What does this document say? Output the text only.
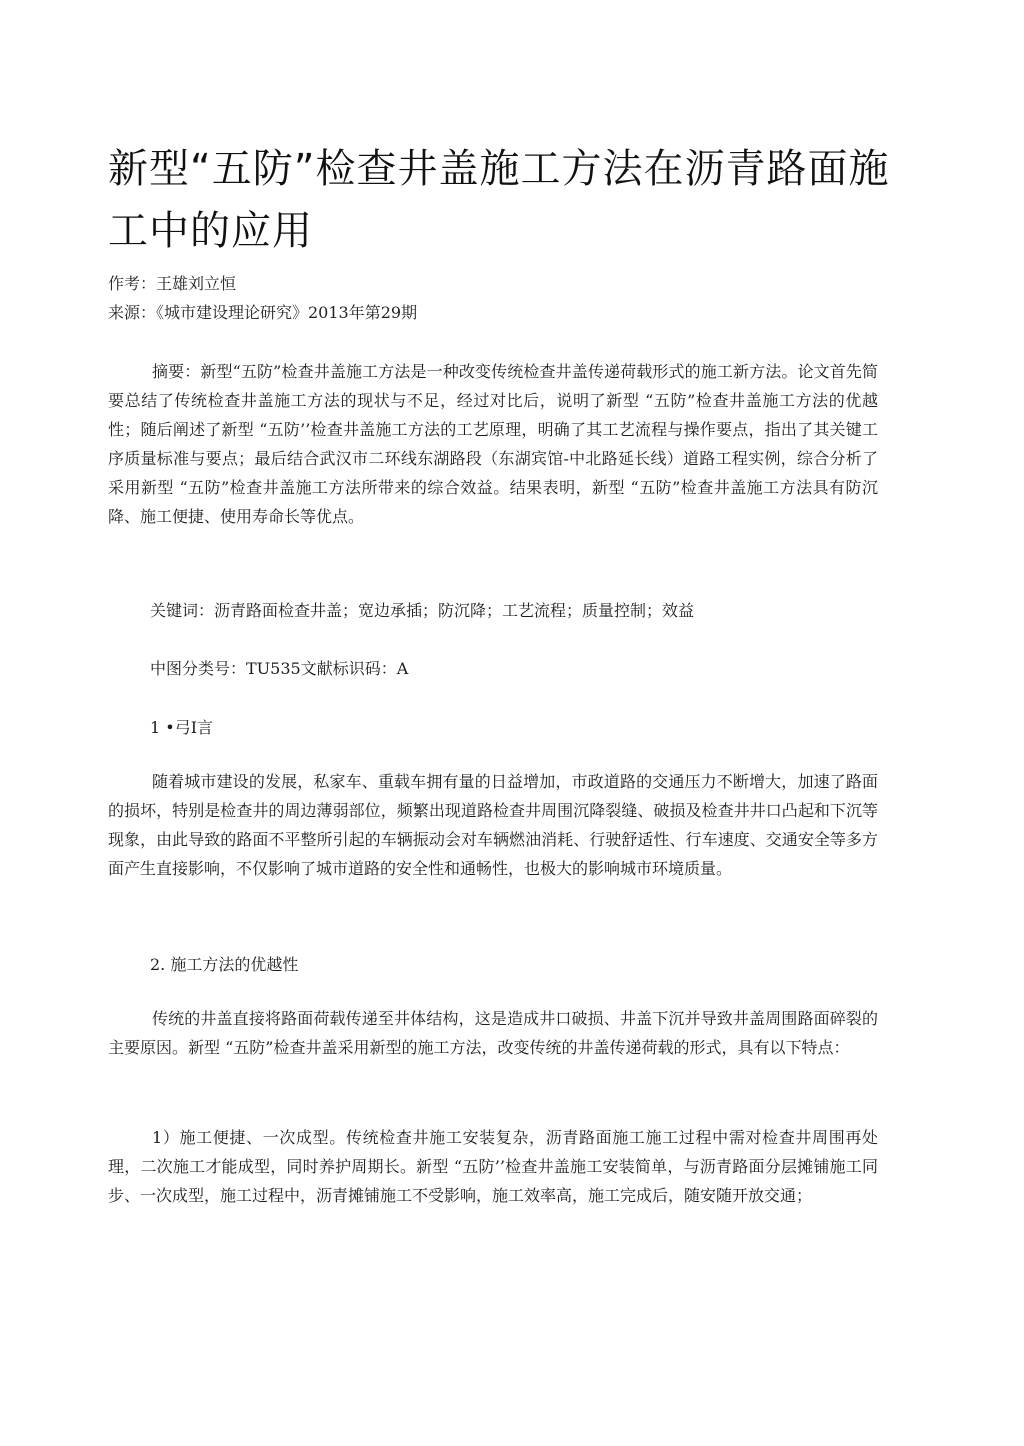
新型“五防”检查井盖施工方法在沥青路面施工中的应用
作考：王雄刘立恒
来源：《城市建设理论研究》2013年第29期

摘要：新型“五防”检查井盖施工方法是一种改变传统检查井盖传递荷载形式的施工新方法。论文首先简要总结了传统检查井盖施工方法的现状与不足，经过对比后，说明了新型 “五防”检查井盖施工方法的优越性；随后阐述了新型 “五防’’检查井盖施工方法的工艺原理，明确了其工艺流程与操作要点，指出了其关键工序质量标准与要点；最后结合武汉市二环线东湖路段（东湖宾馆-中北路延长线）道路工程实例，综合分析了采用新型 “五防”检查井盖施工方法所带来的综合效益。结果表明，新型 “五防”检查井盖施工方法具有防沉降、施工便捷、使用寿命长等优点。

关键词：沥青路面检查井盖；宽边承插；防沉降；工艺流程；质量控制；效益
中图分类号：TU535文献标识码：A
1 •弓I言

随着城市建设的发展，私家车、重载车拥有量的日益增加，市政道路的交通压力不断增大，加速了路面的损坏，特别是检查井的周边薄弱部位，频繁出现道路检查井周围沉降裂缝、破损及检查井井口凸起和下沉等现象，由此导致的路面不平整所引起的车辆振动会对车辆燃油消耗、行驶舒适性、行车速度、交通安全等多方面产生直接影响，不仅影响了城市道路的安全性和通畅性，也极大的影响城市环境质量。

2. 施工方法的优越性

传统的井盖直接将路面荷载传递至井体结构，这是造成井口破损、井盖下沉并导致井盖周围路面碎裂的主要原因。新型 “五防”检查井盖采用新型的施工方法，改变传统的井盖传递荷载的形式，具有以下特点：

1）施工便捷、一次成型。传统检查井施工安装复杂，沥青路面施工施工过程中需对检查井周围再处理，二次施工才能成型，同时养护周期长。新型 “五防’’检查井盖施工安装简单，与沥青路面分层摊铺施工同步、一次成型，施工过程中，沥青摊铺施工不受影响，施工效率高，施工完成后，随安随开放交通；
